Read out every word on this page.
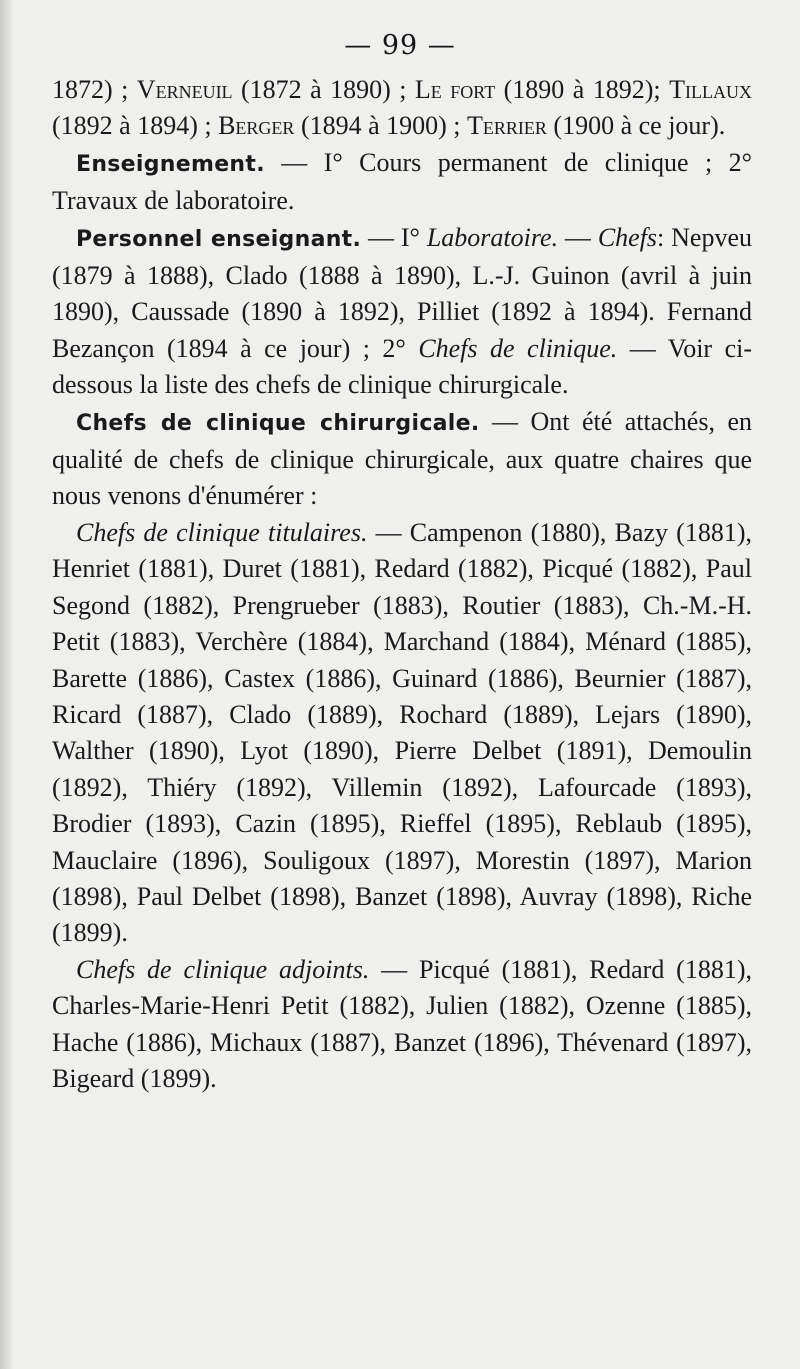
— 99 —

1872) ; Verneuil (1872 à 1890) ; Le fort (1890 à 1892); Tillaux (1892 à 1894) ; Berger (1894 à 1900) ; Terrier (1900 à ce jour).

Enseignement. — I° Cours permanent de clinique ; 2° Travaux de laboratoire.

Personnel enseignant. — I° Laboratoire. — Chefs: Nepveu (1879 à 1888), Clado (1888 à 1890), L.-J. Guinon (avril à juin 1890), Caussade (1890 à 1892), Pilliet (1892 à 1894). Fernand Bezançon (1894 à ce jour) ; 2° Chefs de clinique. — Voir ci-dessous la liste des chefs de clinique chirurgicale.

Chefs de clinique chirurgicale. — Ont été attachés, en qualité de chefs de clinique chirurgicale, aux quatre chaires que nous venons d'énumérer :

Chefs de clinique titulaires. — Campenon (1880), Bazy (1881), Henriet (1881), Duret (1881), Redard (1882), Picqué (1882), Paul Segond (1882), Prengrueber (1883), Routier (1883), Ch.-M.-H. Petit (1883), Verchère (1884), Marchand (1884), Ménard (1885), Barette (1886), Castex (1886), Guinard (1886), Beurnier (1887), Ricard (1887), Clado (1889), Rochard (1889), Lejars (1890), Walther (1890), Lyot (1890), Pierre Delbet (1891), Demoulin (1892), Thiéry (1892), Villemin (1892), Lafourcade (1893), Brodier (1893), Cazin (1895), Rieffel (1895), Reblaub (1895), Mauclaire (1896), Souligoux (1897), Morestin (1897), Marion (1898), Paul Delbet (1898), Banzet (1898), Auvray (1898), Riche (1899).

Chefs de clinique adjoints. — Picqué (1881), Redard (1881), Charles-Marie-Henri Petit (1882), Julien (1882), Ozenne (1885), Hache (1886), Michaux (1887), Banzet (1896), Thévenard (1897), Bigeard (1899).
